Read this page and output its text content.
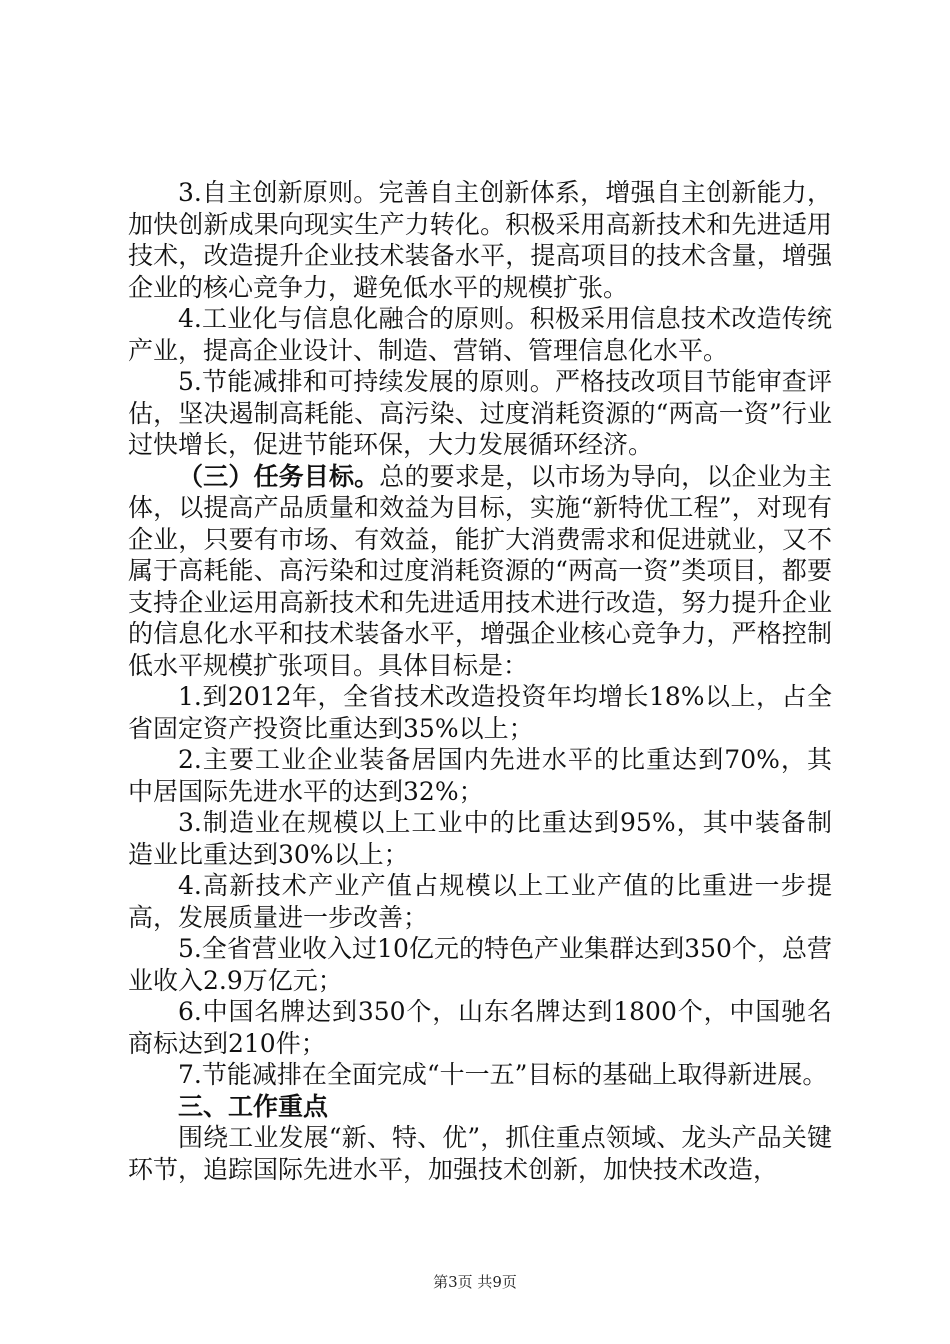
3.自主创新原则。完善自主创新体系，增强自主创新能力，加快创新成果向现实生产力转化。积极采用高新技术和先进适用技术，改造提升企业技术装备水平，提高项目的技术含量，增强企业的核心竞争力，避免低水平的规模扩张。

4.工业化与信息化融合的原则。积极采用信息技术改造传统产业，提高企业设计、制造、营销、管理信息化水平。

5.节能减排和可持续发展的原则。严格技改项目节能审查评估，坚决遏制高耗能、高污染、过度消耗资源的“两高一资”行业过快增长，促进节能环保，大力发展循环经济。

（三）任务目标。总的要求是，以市场为导向，以企业为主体，以提高产品质量和效益为目标，实施“新特优工程”，对现有企业，只要有市场、有效益，能扩大消费需求和促进就业，又不属于高耗能、高污染和过度消耗资源的“两高一资”类项目，都要支持企业运用高新技术和先进适用技术进行改造，努力提升企业的信息化水平和技术装备水平，增强企业核心竞争力，严格控制低水平规模扩张项目。具体目标是：

1.到2012年，全省技术改造投资年均增长18%以上，占全省固定资产投资比重达到35%以上；

2.主要工业企业装备居国内先进水平的比重达到70%，其中居国际先进水平的达到32%；

3.制造业在规模以上工业中的比重达到95%，其中装备制造业比重达到30%以上；

4.高新技术产业产值占规模以上工业产值的比重进一步提高，发展质量进一步改善；

5.全省营业收入过10亿元的特色产业集群达到350个，总营业收入2.9万亿元；

6.中国名牌达到350个，山东名牌达到1800个，中国驰名商标达到210件；

7.节能减排在全面完成“十一五”目标的基础上取得新进展。

三、工作重点

围绕工业发展“新、特、优”，抓住重点领域、龙头产品关键环节，追踪国际先进水平，加强技术创新，加快技术改造，

第3页 共9页
